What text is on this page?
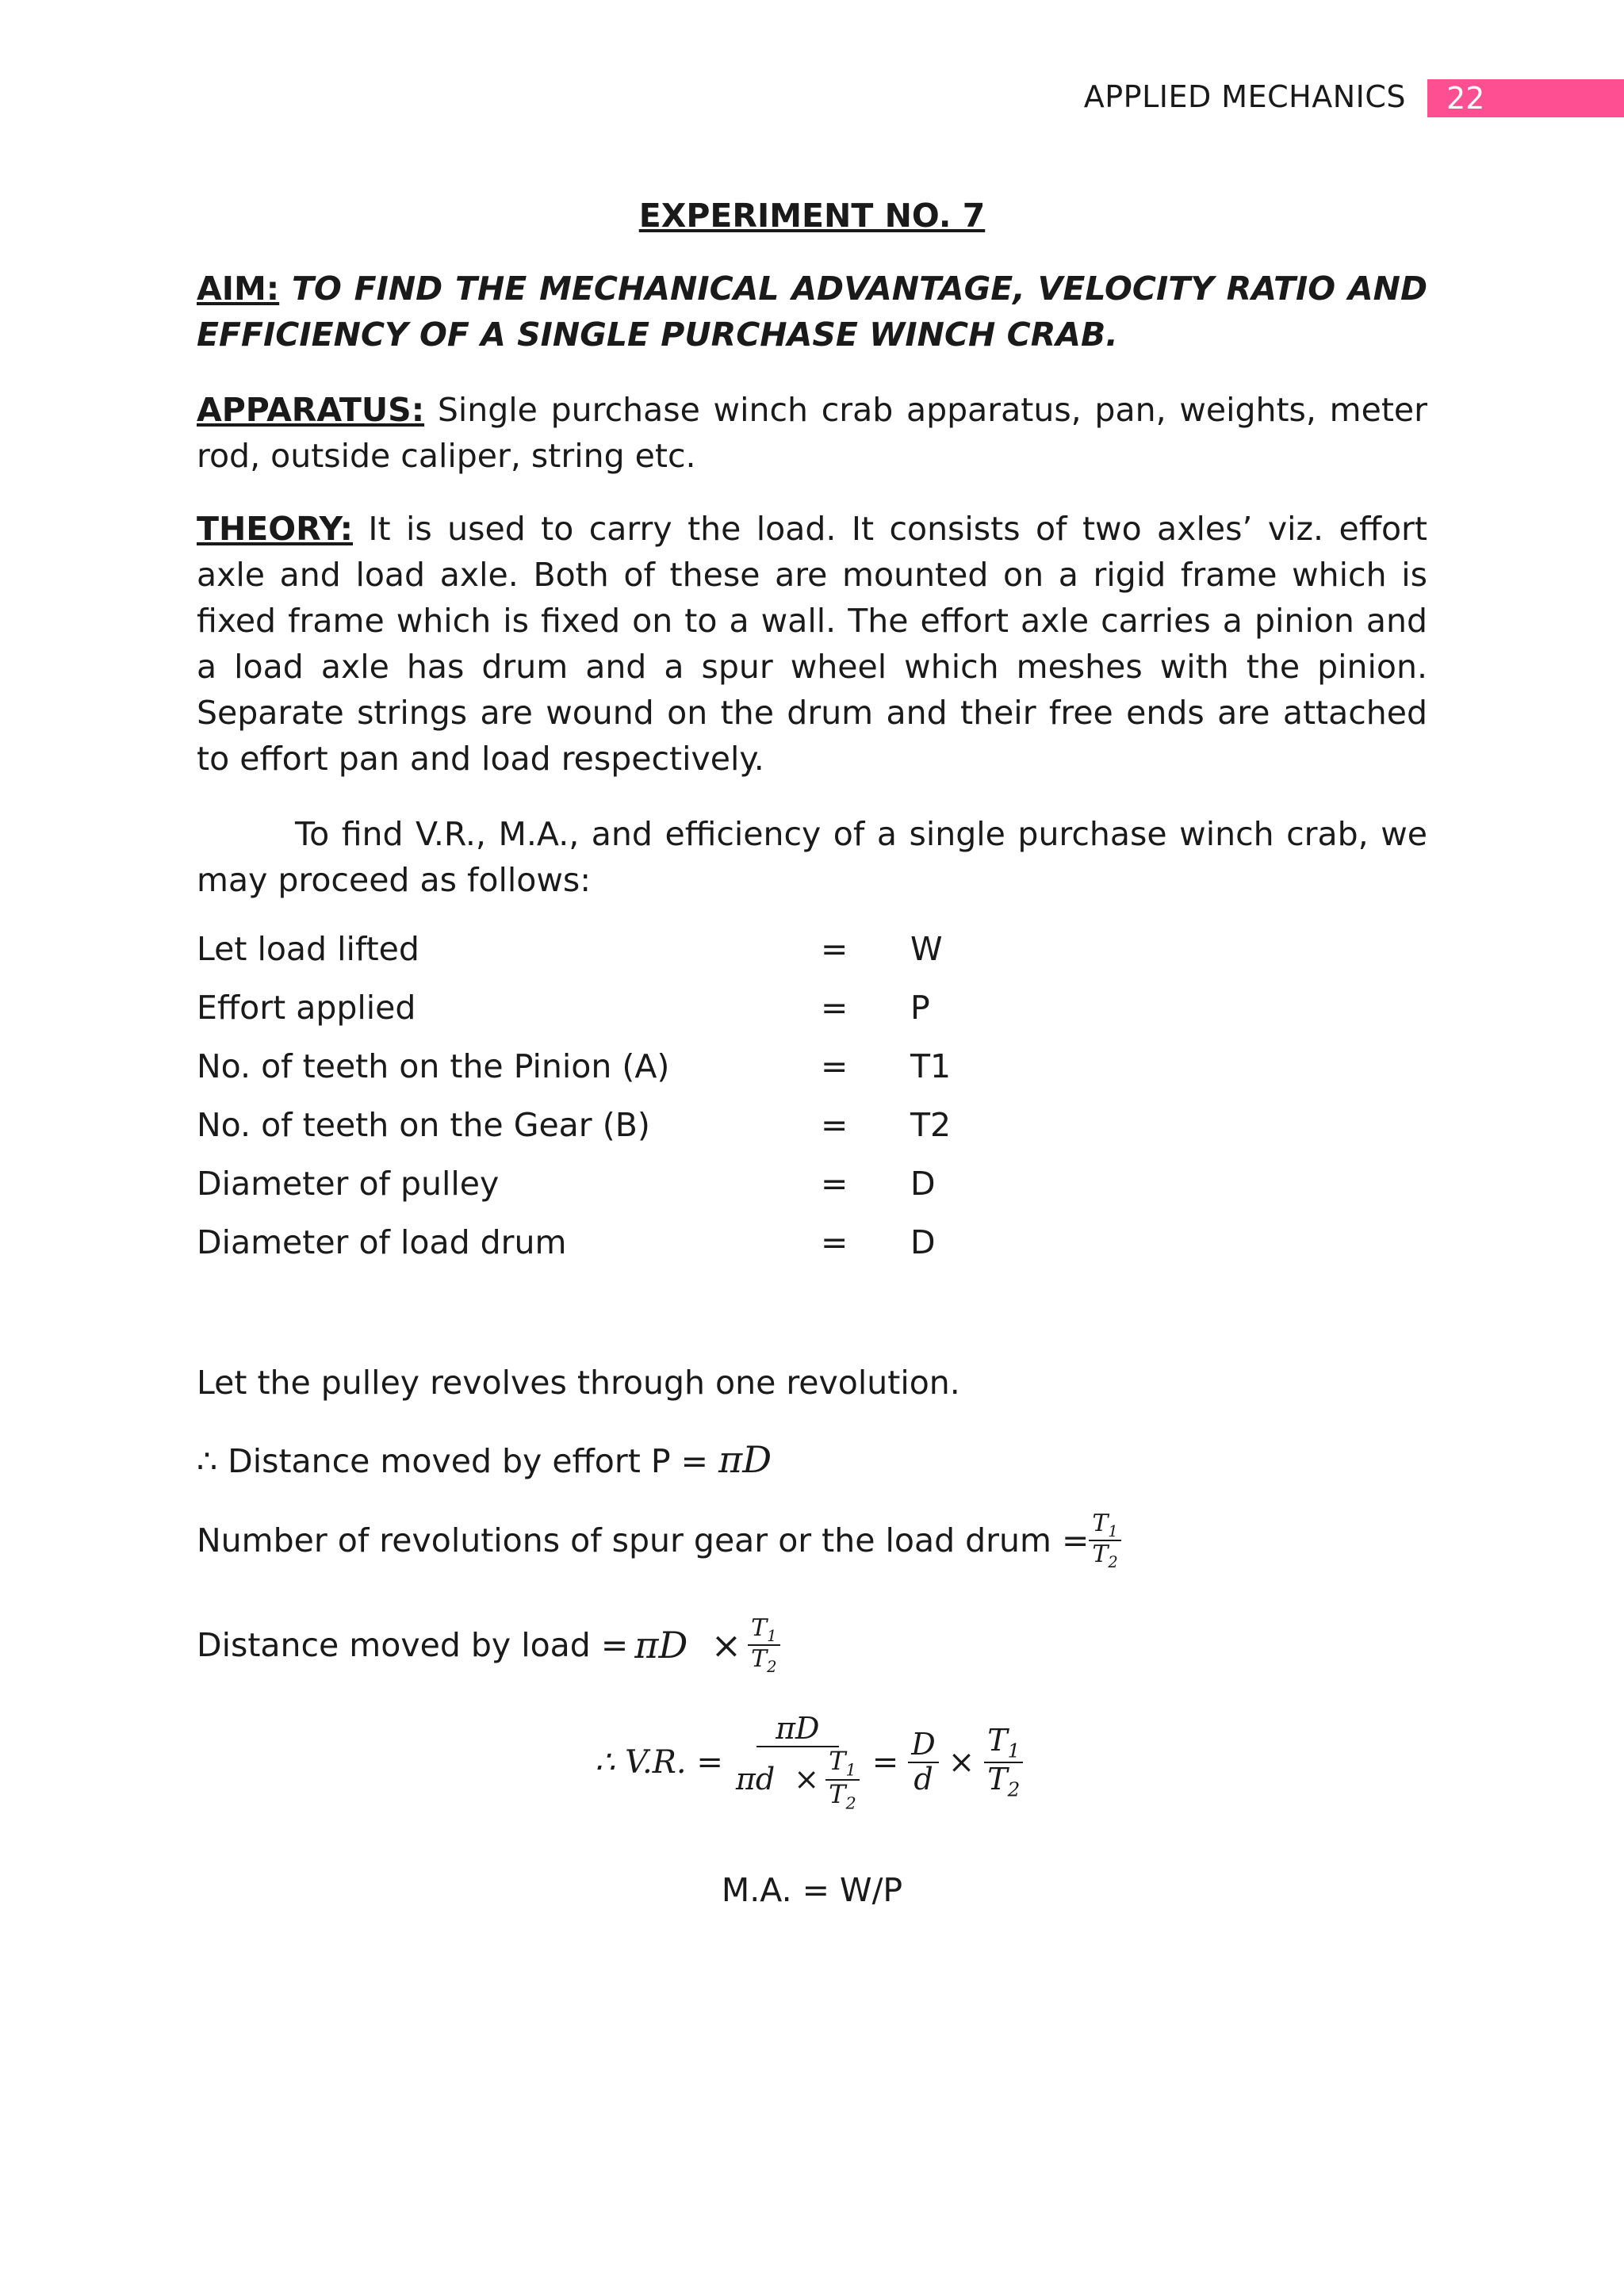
APPLIED MECHANICS	22
EXPERIMENT NO. 7
AIM: TO FIND THE MECHANICAL ADVANTAGE, VELOCITY RATIO AND EFFICIENCY OF A SINGLE PURCHASE WINCH CRAB.
APPARATUS: Single purchase winch crab apparatus, pan, weights, meter rod, outside caliper, string etc.
THEORY: It is used to carry the load. It consists of two axles’ viz. effort axle and load axle. Both of these are mounted on a rigid frame which is fixed frame which is fixed on to a wall. The effort axle carries a pinion and a load axle has drum and a spur wheel which meshes with the pinion. Separate strings are wound on the drum and their free ends are attached to effort pan and load respectively.
To find V.R., M.A., and efficiency of a single purchase winch crab, we may proceed as follows:
Let load lifted	= W
Effort applied	= P
No. of teeth on the Pinion (A)	= T1
No. of teeth on the Gear (B)	= T2
Diameter of pulley	= D
Diameter of load drum	= D
Let the pulley revolves through one revolution.
∴ Distance moved by effort P = πD
Number of revolutions of spur gear or the load drum = $\frac{T_1}{T_2}$
Distance moved by load = $\pi D \times \frac{T_1}{T_2}$
∴ V.R. = $\frac{\pi D}{\pi d \times \frac{T_1}{T_2}} = \frac{D}{d} \times \frac{T_1}{T_2}$
M.A. = W/P
